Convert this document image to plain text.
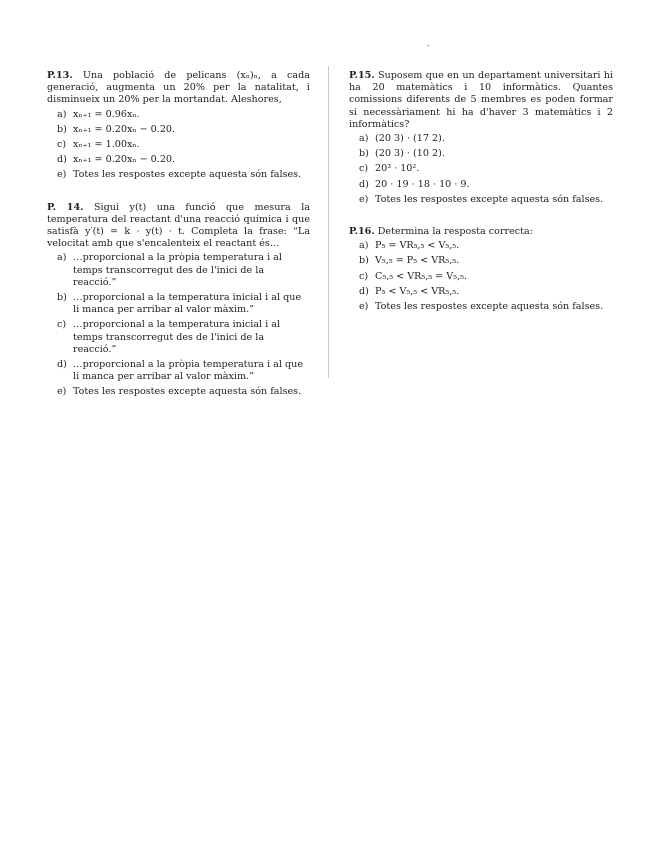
-
P.13. Una població de pelicans (xₙ)ₙ, a cada generació, augmenta un 20% per la natalitat, i disminueix un 20% per la mortandat. Aleshores,
a) xₙ₊₁ = 0.96xₙ.
b) xₙ₊₁ = 0.20xₙ − 0.20.
c) xₙ₊₁ = 1.00xₙ.
d) xₙ₊₁ = 0.20xₙ − 0.20.
e) Totes les respostes excepte aquesta són falses.
P. 14. Sigui y(t) una funció que mesura la temperatura del reactant d'una reacció química i que satisfà y′(t) = k · y(t) · t. Completa la frase: “La velocitat amb que s'encalenteix el reactant és…
a) …proporcional a la pròpia temperatura i al temps transcorregut des de l'inici de la reacció.”
b) …proporcional a la temperatura inicial i al que li manca per arribar al valor màxim.”
c) …proporcional a la temperatura inicial i al temps transcorregut des de l'inici de la reacció.”
d) …proporcional a la pròpia temperatura i al que li manca per arribar al valor màxim.”
e) Totes les respostes excepte aquesta són falses.
P.15. Suposem que en un departament universitari hi ha 20 matemàtics i 10 informàtics. Quantes comissions diferents de 5 membres es poden formar si necessàriament hi ha d'haver 3 matemàtics i 2 informàtics?
a) (20 3) · (17 2).
b) (20 3) · (10 2).
c) 20³ · 10².
d) 20 · 19 · 18 · 10 · 9.
e) Totes les respostes excepte aquesta són falses.
P.16. Determina la resposta correcta:
a) P₅ = VR₅,₅ < V₅,₅.
b) V₅,₅ = P₅ < VR₅,₅.
c) C₅,₅ < VR₅,₅ = V₅,₅.
d) P₅ < V₅,₅ < VR₅,₅.
e) Totes les respostes excepte aquesta són falses.
